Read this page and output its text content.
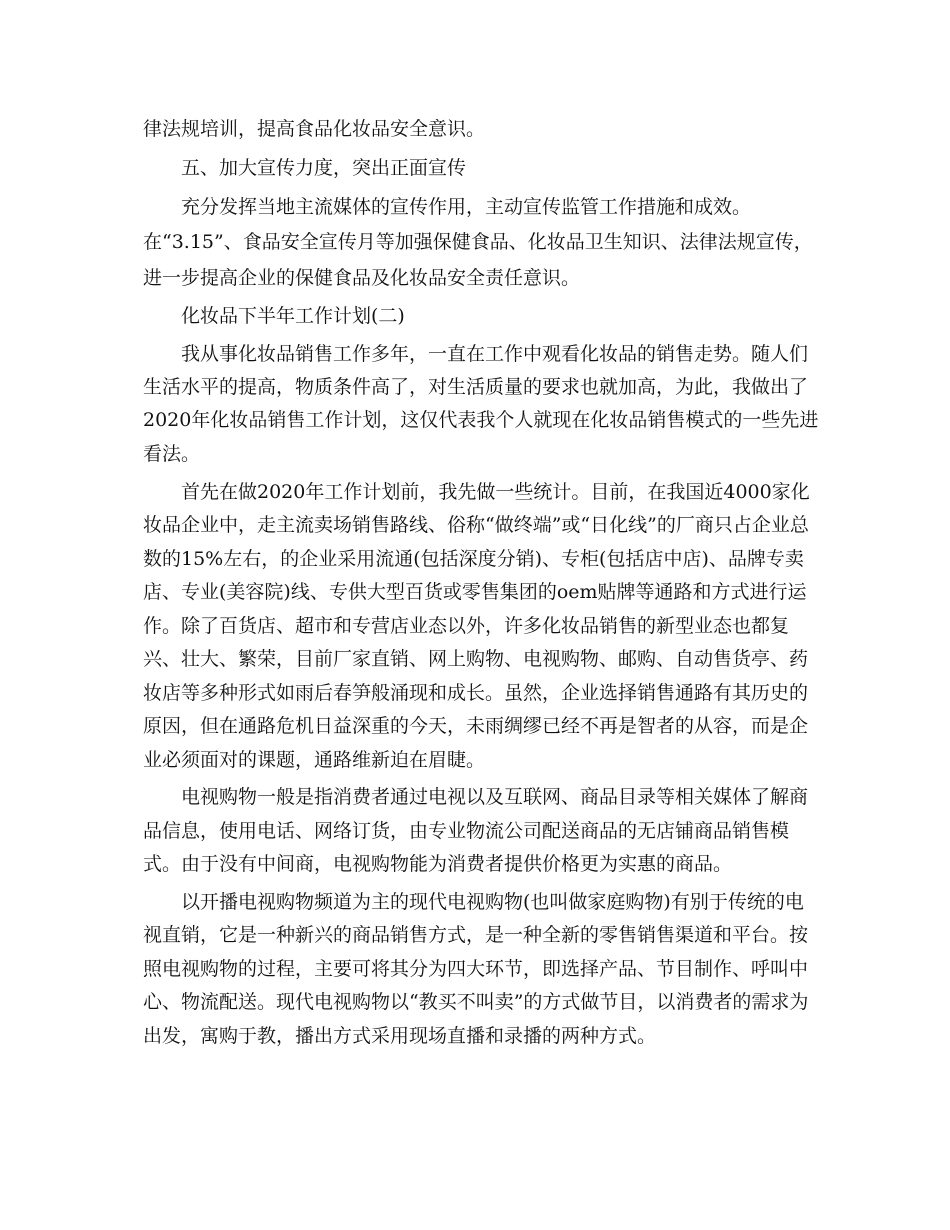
律法规培训，提高食品化妆品安全意识。
五、加大宣传力度，突出正面宣传
充分发挥当地主流媒体的宣传作用，主动宣传监管工作措施和成效。
在“3.15”、食品安全宣传月等加强保健食品、化妆品卫生知识、法律法规宣传，
进一步提高企业的保健食品及化妆品安全责任意识。
化妆品下半年工作计划(二)
我从事化妆品销售工作多年，一直在工作中观看化妆品的销售走势。随人们
生活水平的提高，物质条件高了，对生活质量的要求也就加高，为此，我做出了
2020年化妆品销售工作计划，这仅代表我个人就现在化妆品销售模式的一些先进
看法。
首先在做2020年工作计划前，我先做一些统计。目前，在我国近4000家化
妆品企业中，走主流卖场销售路线、俗称“做终端”或“日化线”的厂商只占企业总
数的15%左右，的企业采用流通(包括深度分销)、专柜(包括店中店)、品牌专卖
店、专业(美容院)线、专供大型百货或零售集团的oem贴牌等通路和方式进行运
作。除了百货店、超市和专营店业态以外，许多化妆品销售的新型业态也都复
兴、壮大、繁荣，目前厂家直销、网上购物、电视购物、邮购、自动售货亭、药
妆店等多种形式如雨后春笋般涌现和成长。虽然，企业选择销售通路有其历史的
原因，但在通路危机日益深重的今天，未雨绸缪已经不再是智者的从容，而是企
业必须面对的课题，通路维新迫在眉睫。
电视购物一般是指消费者通过电视以及互联网、商品目录等相关媒体了解商
品信息，使用电话、网络订货，由专业物流公司配送商品的无店铺商品销售模
式。由于没有中间商，电视购物能为消费者提供价格更为实惠的商品。
以开播电视购物频道为主的现代电视购物(也叫做家庭购物)有别于传统的电
视直销，它是一种新兴的商品销售方式，是一种全新的零售销售渠道和平台。按
照电视购物的过程，主要可将其分为四大环节，即选择产品、节目制作、呼叫中
心、物流配送。现代电视购物以“教买不叫卖”的方式做节目，以消费者的需求为
出发，寓购于教，播出方式采用现场直播和录播的两种方式。
